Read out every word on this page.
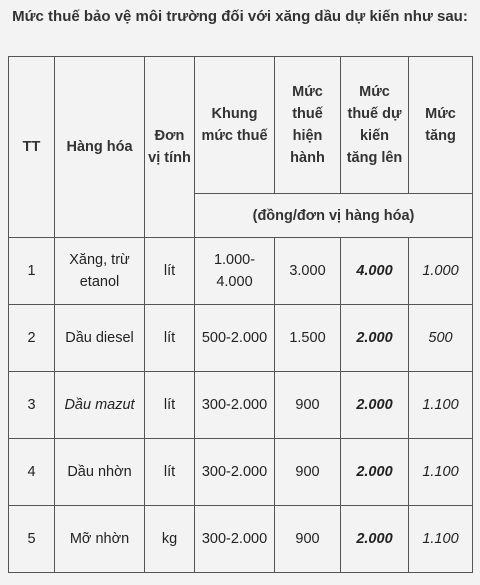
Mức thuế bảo vệ môi trường đối với xăng dầu dự kiến như sau:
TT	Hàng hóa	Đơn vị tính	Khung mức thuế	Mức thuế hiện hành	Mức thuế dự kiến tăng lên	Mức tăng
			(đồng/đơn vị hàng hóa)			
1	Xăng, trừ etanol	lít	1.000-4.000	3.000	4.000	1.000
2	Dầu diesel	lít	500-2.000	1.500	2.000	500
3	Dầu mazut	lít	300-2.000	900	2.000	1.100
4	Dầu nhờn	lít	300-2.000	900	2.000	1.100
5	Mỡ nhờn	kg	300-2.000	900	2.000	1.100
